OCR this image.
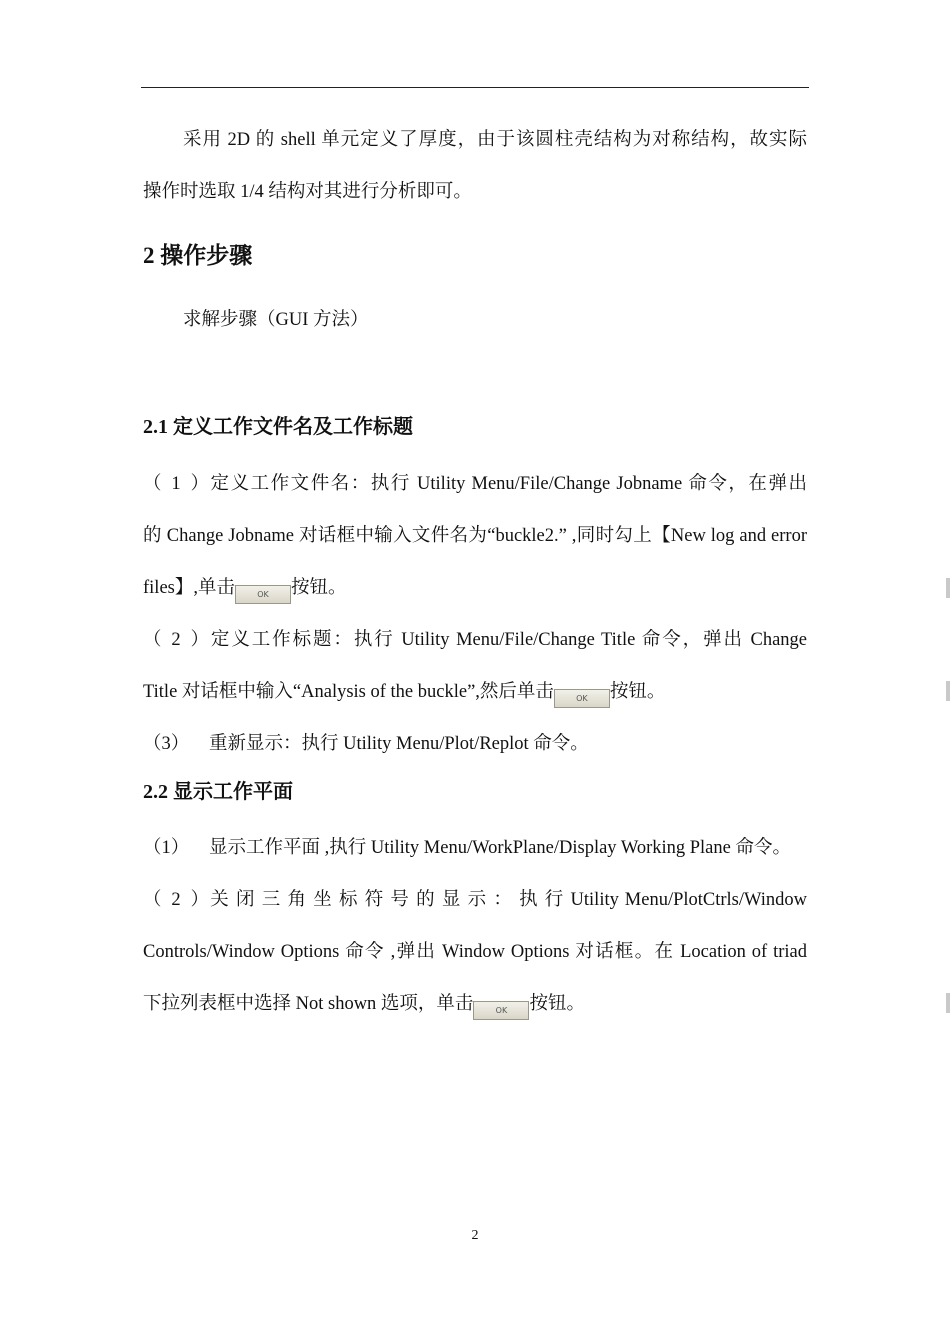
采用 2D 的 shell 单元定义了厚度，由于该圆柱壳结构为对称结构，故实际
操作时选取 1/4 结构对其进行分析即可。
2 操作步骤
求解步骤（GUI 方法）
2.1 定义工作文件名及工作标题
（1）定义工作文件名：执行 Utility Menu/File/Change Jobname 命令，在弹出
的 Change Jobname 对话框中输入文件名为“buckle2.” ,同时勾上【New log and error
files】,单击	OK 按钮。
（2）定义工作标题：执行 Utility Menu/File/Change Title 命令，弹出 Change
Title 对话框中输入“Analysis of the buckle”,然后单击	OK 按钮。
（3） 重新显示：执行 Utility Menu/Plot/Replot 命令。
2.2 显示工作平面
（1） 显示工作平面 ,执行 Utility Menu/WorkPlane/Display Working Plane 命令。
（2）关 闭 三 角 坐 标 符 号 的 显 示 ： 执 行 Utility Menu/PlotCtrls/Window
Controls/Window Options 命令 ,弹出 Window Options 对话框。在 Location of triad
下拉列表框中选择 Not shown 选项，单击	OK 按钮。
2
